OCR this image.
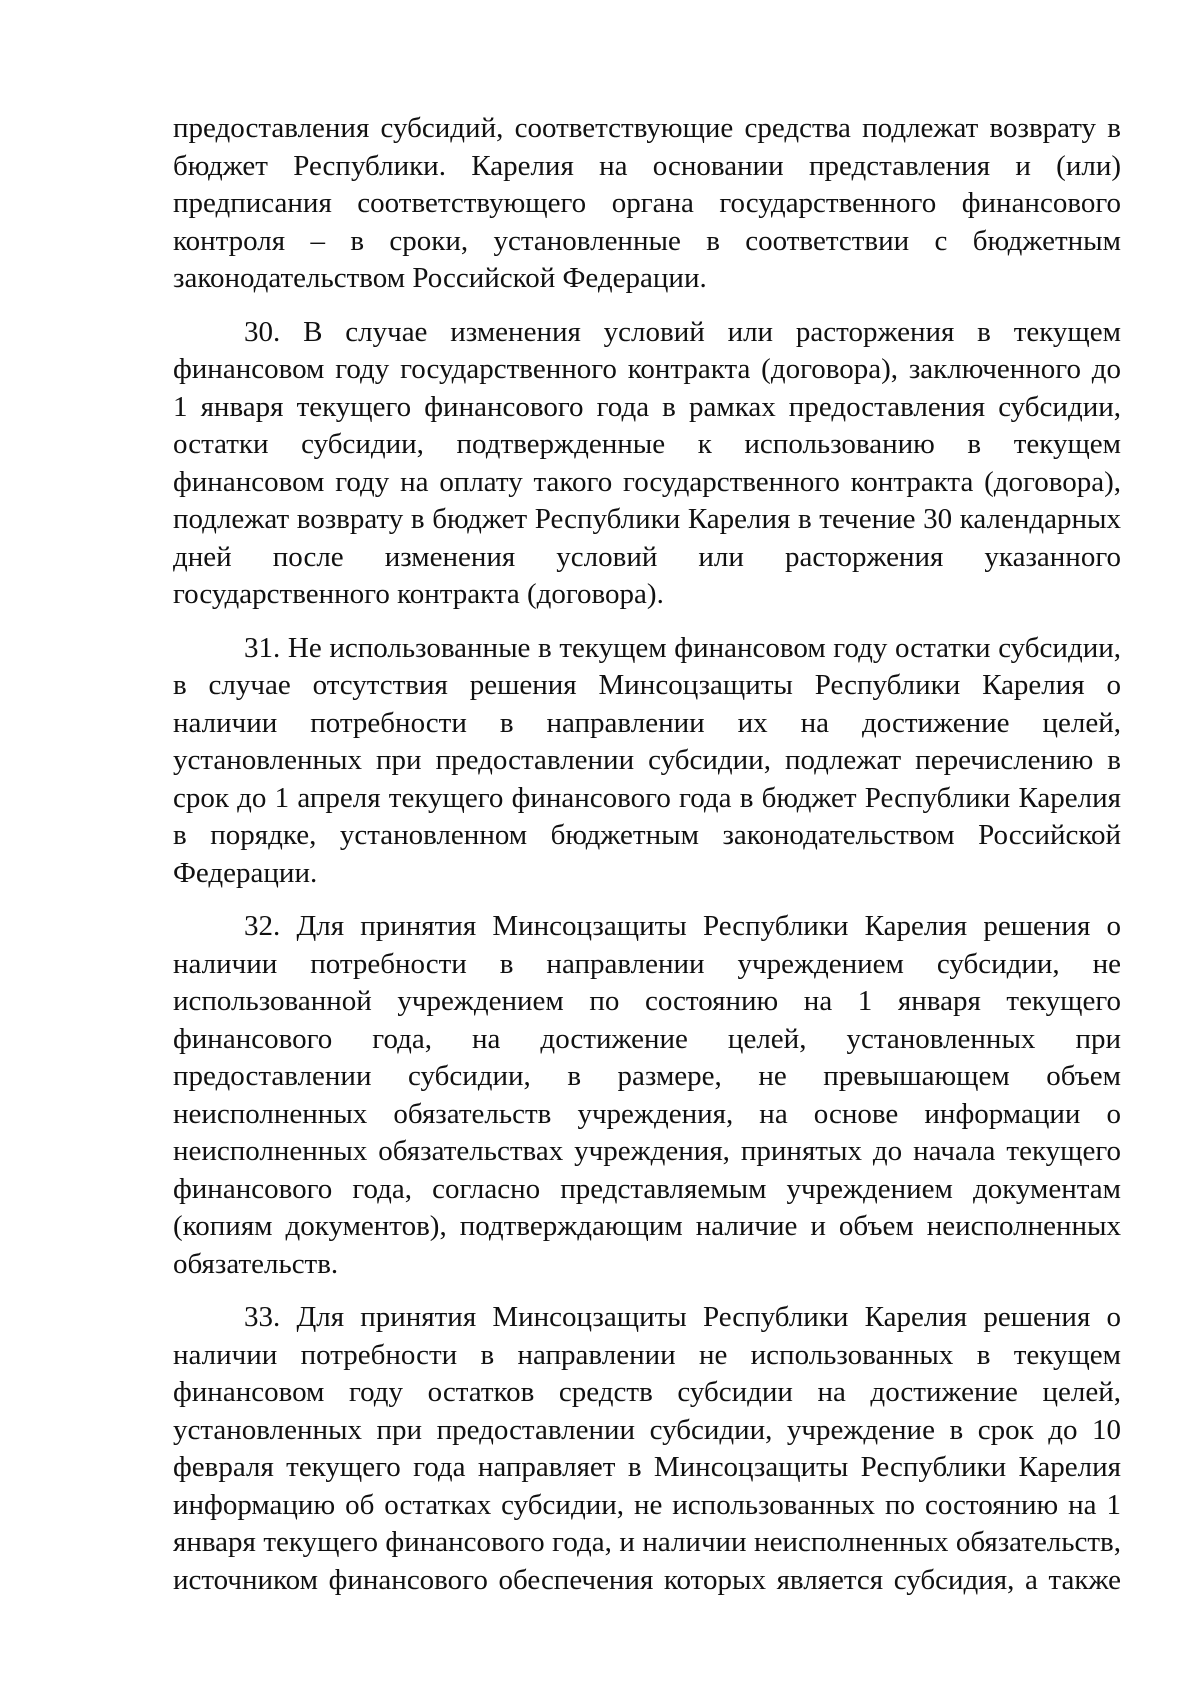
предоставления субсидий, соответствующие средства подлежат возврату в бюджет Республики. Карелия на основании представления и (или) предписания соответствующего органа государственного финансового контроля – в сроки, установленные в соответствии с бюджетным законодательством Российской Федерации.

30. В случае изменения условий или расторжения в текущем финансовом году государственного контракта (договора), заключенного до 1 января текущего финансового года в рамках предоставления субсидии, остатки субсидии, подтвержденные к использованию в текущем финансовом году на оплату такого государственного контракта (договора), подлежат возврату в бюджет Республики Карелия в течение 30 календарных дней после изменения условий или расторжения указанного государственного контракта (договора).

31. Не использованные в текущем финансовом году остатки субсидии, в случае отсутствия решения Минсоцзащиты Республики Карелия о наличии потребности в направлении их на достижение целей, установленных при предоставлении субсидии, подлежат перечислению в срок до 1 апреля текущего финансового года в бюджет Республики Карелия в порядке, установленном бюджетным законодательством Российской Федерации.

32. Для принятия Минсоцзащиты Республики Карелия решения о наличии потребности в направлении учреждением субсидии, не использованной учреждением по состоянию на 1 января текущего финансового года, на достижение целей, установленных при предоставлении субсидии, в размере, не превышающем объем неисполненных обязательств учреждения, на основе информации о неисполненных обязательствах учреждения, принятых до начала текущего финансового года, согласно представляемым учреждением документам (копиям документов), подтверждающим наличие и объем неисполненных обязательств.

33. Для принятия Минсоцзащиты Республики Карелия решения о наличии потребности в направлении не использованных в текущем финансовом году остатков средств субсидии на достижение целей, установленных при предоставлении субсидии, учреждение в срок до 10 февраля текущего года направляет в Минсоцзащиты Республики Карелия информацию об остатках субсидии, не использованных по состоянию на 1 января текущего финансового года, и наличии неисполненных обязательств, источником финансового обеспечения которых является субсидия, а также
